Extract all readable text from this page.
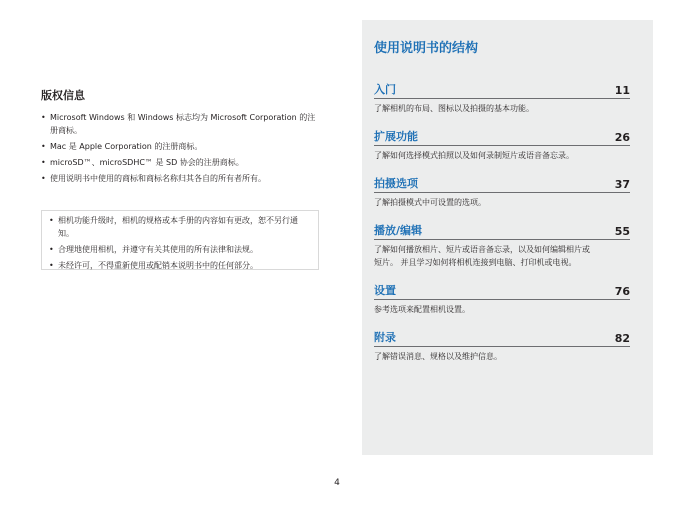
版权信息
• Microsoft Windows 和 Windows 标志均为 Microsoft Corporation 的注册商标。
• Mac 是 Apple Corporation 的注册商标。
• microSD™、microSDHC™ 是 SD 协会的注册商标。
• 使用说明书中使用的商标和商标名称归其各自的所有者所有。
• 相机功能升级时，相机的规格或本手册的内容如有更改，恕不另行通知。
• 合理地使用相机，并遵守有关其使用的所有法律和法规。
• 未经许可，不得重新使用或配销本说明书中的任何部分。
使用说明书的结构
入门	11
了解相机的布局、图标以及拍摄的基本功能。
扩展功能	26
了解如何选择模式拍照以及如何录制短片或语音备忘录。
拍摄选项	37
了解拍摄模式中可设置的选项。
播放/编辑	55
了解如何播放相片、短片或语音备忘录，以及如何编辑相片或短片。 并且学习如何将相机连接到电脑、打印机或电视。
设置	76
参考选项来配置相机设置。
附录	82
了解错误消息、规格以及维护信息。
4
